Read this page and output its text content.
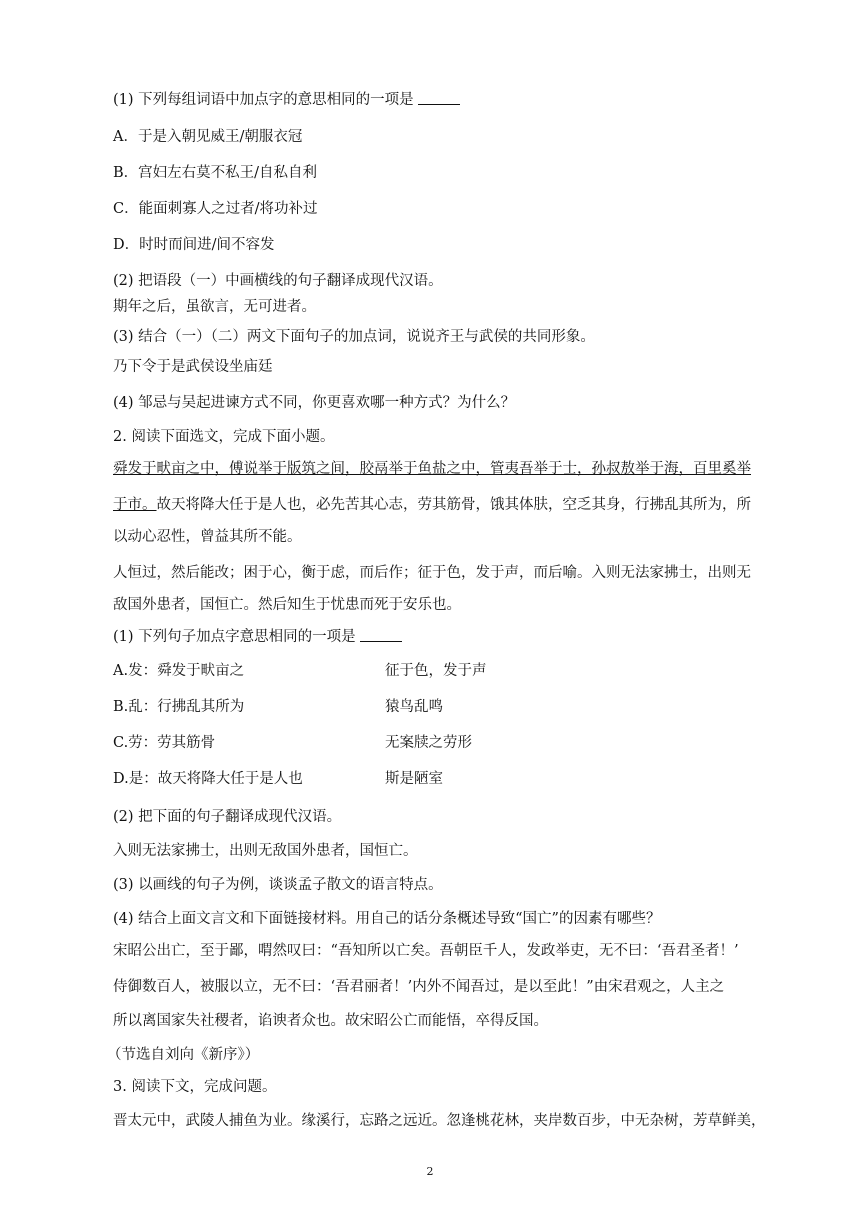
(1) 下列每组词语中加点字的意思相同的一项是
A．于是入朝见威王/朝服衣冠
B．宫妇左右莫不私王/自私自利
C．能面刺寡人之过者/将功补过
D．时时而间进/间不容发
(2) 把语段（一）中画横线的句子翻译成现代汉语。
期年之后，虽欲言，无可进者。
(3) 结合（一）（二）两文下面句子的加点词，说说齐王与武侯的共同形象。
乃下令于是武侯设坐庙廷
(4) 邹忌与吴起进谏方式不同，你更喜欢哪一种方式？为什么？
2. 阅读下面选文，完成下面小题。
舜发于畎亩之中，傅说举于版筑之间，胶鬲举于鱼盐之中，管夷吾举于士，孙叔敖举于海，百里奚举
于市。故天将降大任于是人也，必先苦其心志，劳其筋骨，饿其体肤，空乏其身，行拂乱其所为，所
以动心忍性，曾益其所不能。
人恒过，然后能改；困于心，衡于虑，而后作；征于色，发于声，而后喻。入则无法家拂士，出则无
敌国外患者，国恒亡。然后知生于忧患而死于安乐也。
(1) 下列句子加点字意思相同的一项是
A.发：舜发于畎亩之	征于色，发于声
B.乱：行拂乱其所为	猿鸟乱鸣
C.劳：劳其筋骨	无案牍之劳形
D.是：故天将降大任于是人也	斯是陋室
(2) 把下面的句子翻译成现代汉语。
入则无法家拂士，出则无敌国外患者，国恒亡。
(3) 以画线的句子为例，谈谈孟子散文的语言特点。
(4) 结合上面文言文和下面链接材料。用自己的话分条概述导致“国亡”的因素有哪些？
宋昭公出亡，至于鄙，喟然叹曰：“吾知所以亡矣。吾朝臣千人，发政举吏，无不曰：‘吾君圣者！’
侍御数百人，被服以立，无不曰：‘吾君丽者！’内外不闻吾过，是以至此！”由宋君观之，人主之
所以离国家失社稷者，谄谀者众也。故宋昭公亡而能悟，卒得反国。
（节选自刘向《新序》）
3. 阅读下文，完成问题。
晋太元中，武陵人捕鱼为业。缘溪行，忘路之远近。忽逢桃花林，夹岸数百步，中无杂树，芳草鲜美，
2
